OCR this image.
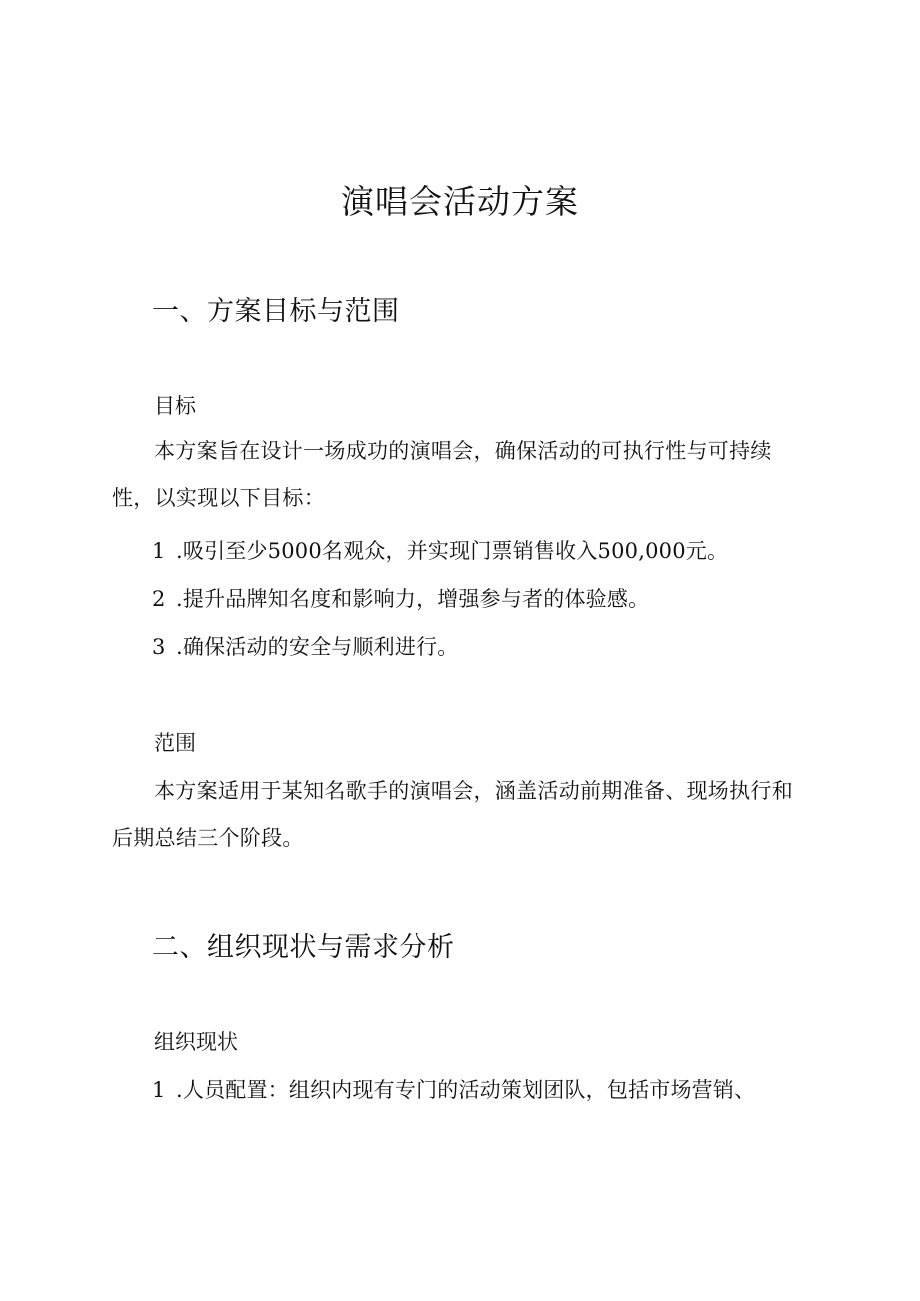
演唱会活动方案
一、方案目标与范围
目标
本方案旨在设计一场成功的演唱会，确保活动的可执行性与可持续性，以实现以下目标：
1 .吸引至少5000名观众，并实现门票销售收入500,000元。
2 .提升品牌知名度和影响力，增强参与者的体验感。
3 .确保活动的安全与顺利进行。
范围
本方案适用于某知名歌手的演唱会，涵盖活动前期准备、现场执行和后期总结三个阶段。
二、组织现状与需求分析
组织现状
1 .人员配置：组织内现有专门的活动策划团队，包括市场营销、
